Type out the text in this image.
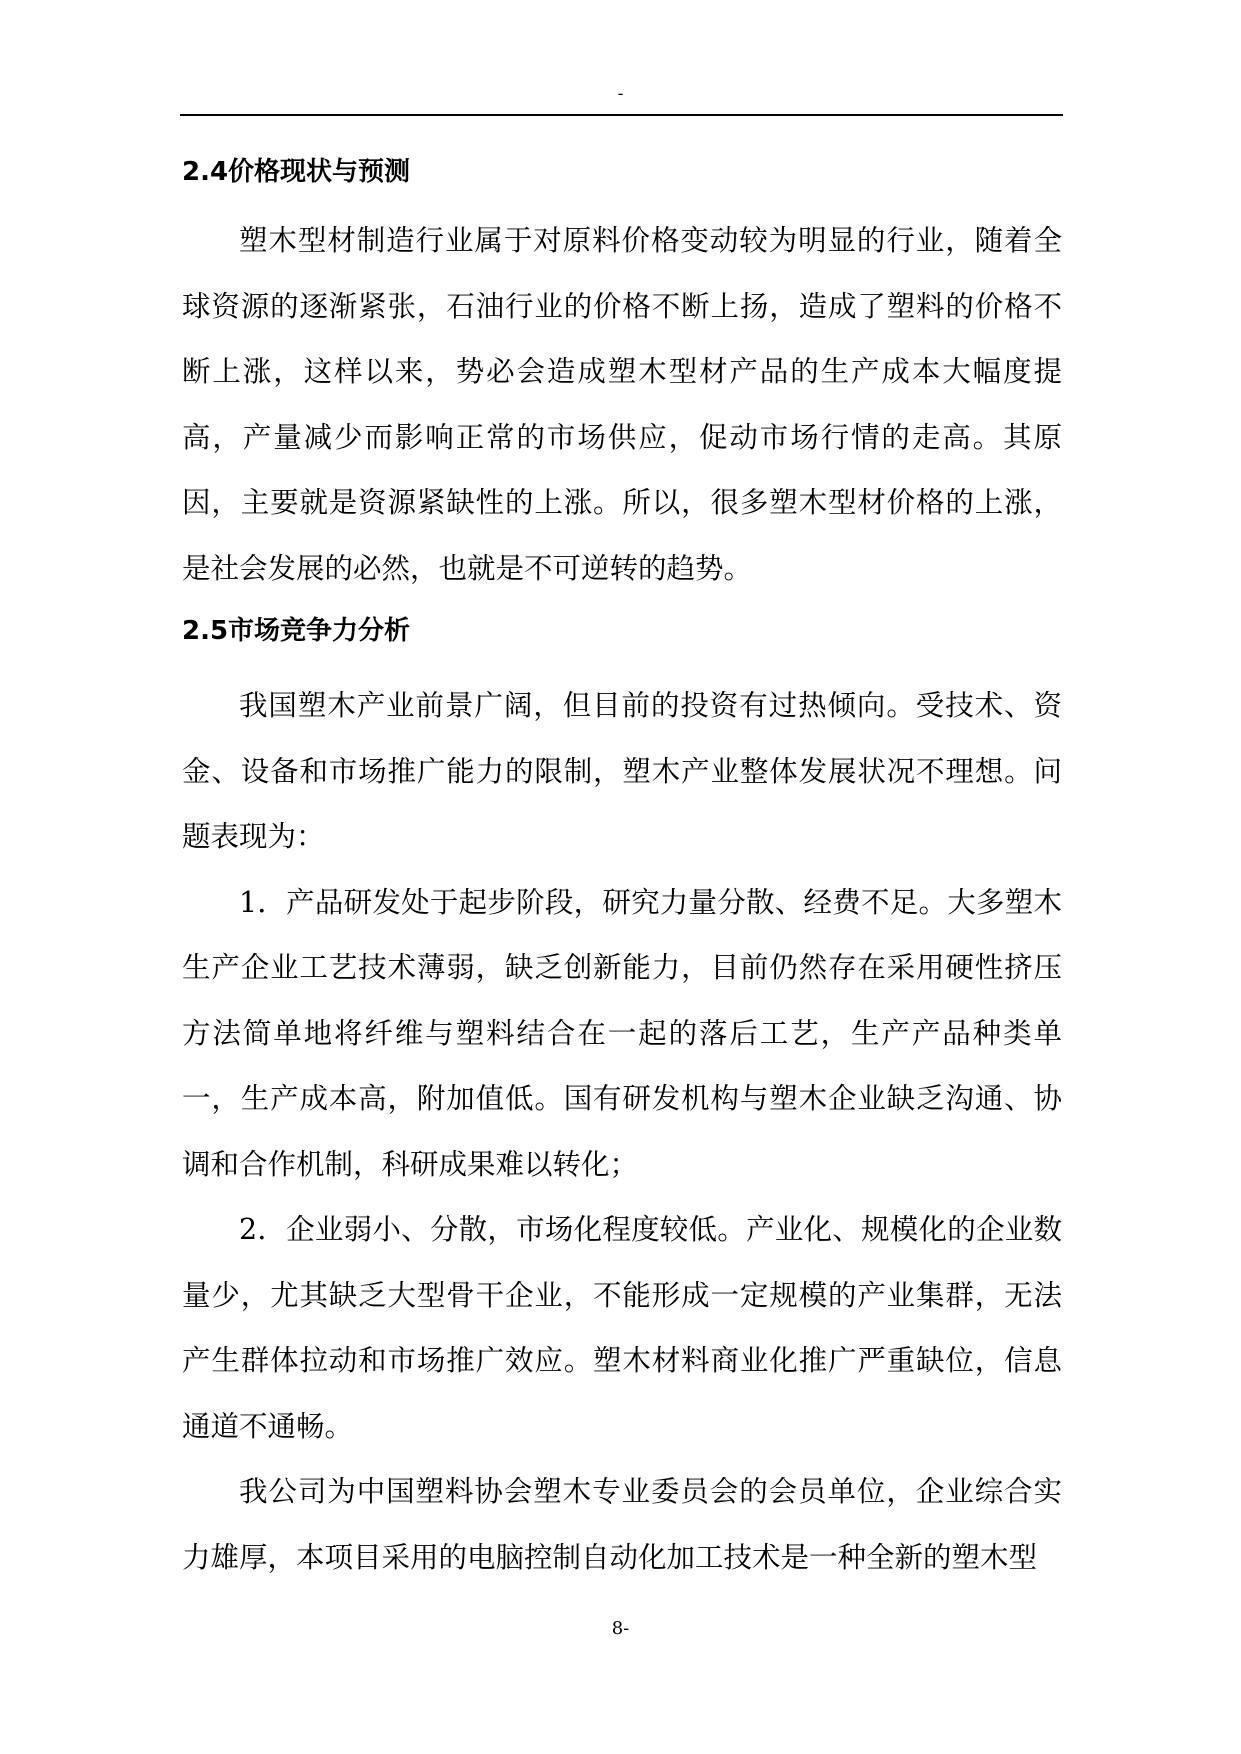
-
2.4价格现状与预测

塑木型材制造行业属于对原料价格变动较为明显的行业，随着全球资源的逐渐紧张，石油行业的价格不断上扬，造成了塑料的价格不断上涨，这样以来，势必会造成塑木型材产品的生产成本大幅度提高，产量减少而影响正常的市场供应，促动市场行情的走高。其原因，主要就是资源紧缺性的上涨。所以，很多塑木型材价格的上涨，是社会发展的必然，也就是不可逆转的趋势。

2.5市场竞争力分析

我国塑木产业前景广阔，但目前的投资有过热倾向。受技术、资金、设备和市场推广能力的限制，塑木产业整体发展状况不理想。问题表现为：

1．产品研发处于起步阶段，研究力量分散、经费不足。大多塑木生产企业工艺技术薄弱，缺乏创新能力，目前仍然存在采用硬性挤压方法简单地将纤维与塑料结合在一起的落后工艺，生产产品种类单一，生产成本高，附加值低。国有研发机构与塑木企业缺乏沟通、协调和合作机制，科研成果难以转化；

2．企业弱小、分散，市场化程度较低。产业化、规模化的企业数量少，尤其缺乏大型骨干企业，不能形成一定规模的产业集群，无法产生群体拉动和市场推广效应。塑木材料商业化推广严重缺位，信息通道不通畅。

我公司为中国塑料协会塑木专业委员会的会员单位，企业综合实力雄厚，本项目采用的电脑控制自动化加工技术是一种全新的塑木型

8-
